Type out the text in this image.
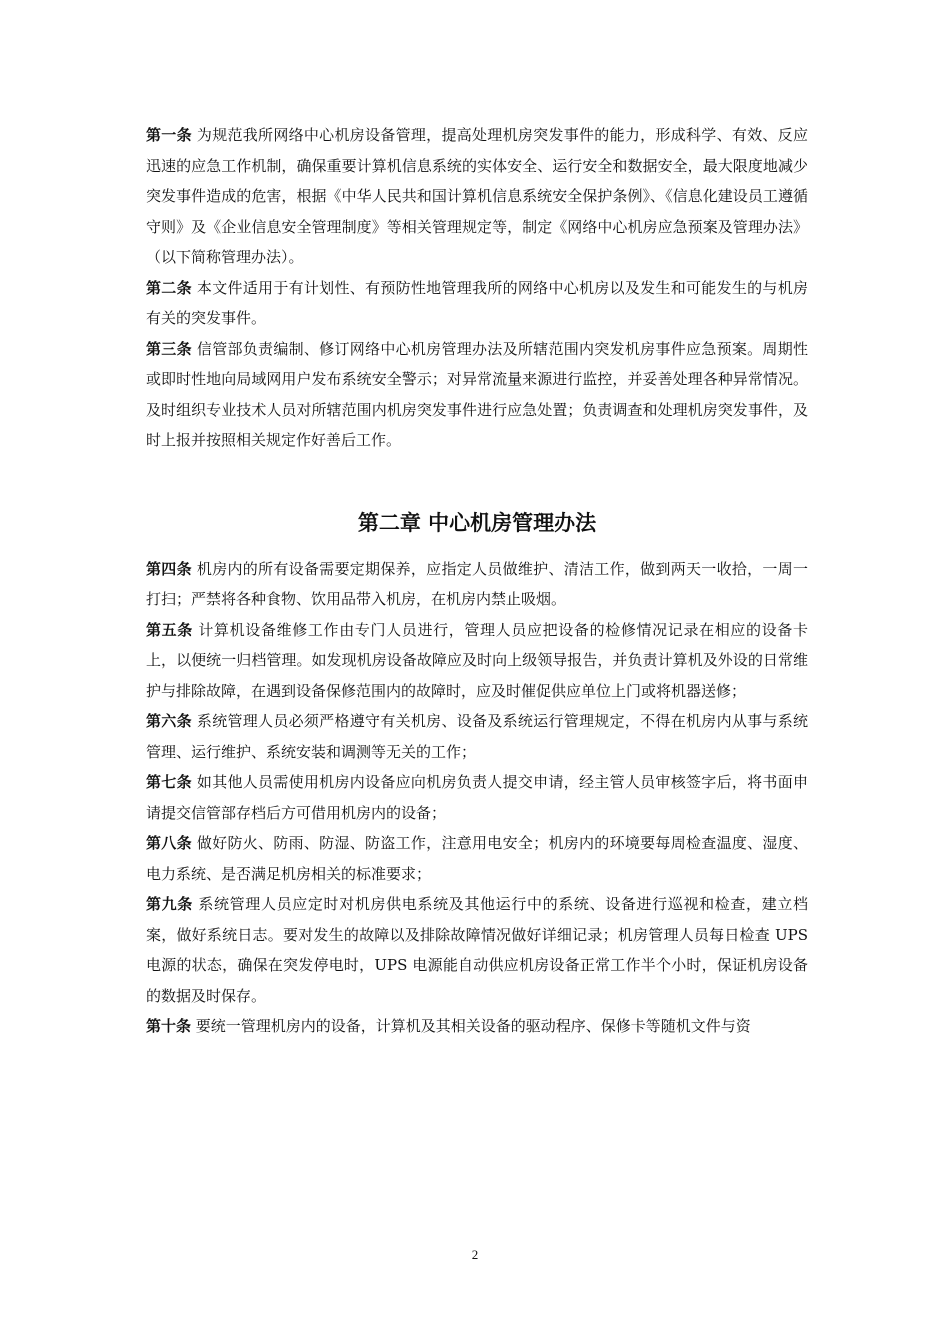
第一条 为规范我所网络中心机房设备管理，提高处理机房突发事件的能力，形成科学、有效、反应迅速的应急工作机制，确保重要计算机信息系统的实体安全、运行安全和数据安全，最大限度地减少突发事件造成的危害，根据《中华人民共和国计算机信息系统安全保护条例》、《信息化建设员工遵循守则》及《企业信息安全管理制度》等相关管理规定等，制定《网络中心机房应急预案及管理办法》（以下简称管理办法）。

第二条 本文件适用于有计划性、有预防性地管理我所的网络中心机房以及发生和可能发生的与机房有关的突发事件。

第三条 信管部负责编制、修订网络中心机房管理办法及所辖范围内突发机房事件应急预案。周期性或即时性地向局域网用户发布系统安全警示；对异常流量来源进行监控，并妥善处理各种异常情况。及时组织专业技术人员对所辖范围内机房突发事件进行应急处置；负责调查和处理机房突发事件，及时上报并按照相关规定作好善后工作。

第二章 中心机房管理办法

第四条 机房内的所有设备需要定期保养，应指定人员做维护、清洁工作，做到两天一收拾，一周一打扫；严禁将各种食物、饮用品带入机房，在机房内禁止吸烟。

第五条 计算机设备维修工作由专门人员进行，管理人员应把设备的检修情况记录在相应的设备卡上，以便统一归档管理。如发现机房设备故障应及时向上级领导报告，并负责计算机及外设的日常维护与排除故障，在遇到设备保修范围内的故障时，应及时催促供应单位上门或将机器送修；

第六条 系统管理人员必须严格遵守有关机房、设备及系统运行管理规定，不得在机房内从事与系统管理、运行维护、系统安装和调测等无关的工作；

第七条 如其他人员需使用机房内设备应向机房负责人提交申请，经主管人员审核签字后，将书面申请提交信管部存档后方可借用机房内的设备；

第八条 做好防火、防雨、防湿、防盗工作，注意用电安全；机房内的环境要每周检查温度、湿度、电力系统、是否满足机房相关的标准要求；

第九条 系统管理人员应定时对机房供电系统及其他运行中的系统、设备进行巡视和检查，建立档案，做好系统日志。要对发生的故障以及排除故障情况做好详细记录；机房管理人员每日检查 UPS 电源的状态，确保在突发停电时，UPS 电源能自动供应机房设备正常工作半个小时，保证机房设备的数据及时保存。

第十条 要统一管理机房内的设备，计算机及其相关设备的驱动程序、保修卡等随机文件与资

2
